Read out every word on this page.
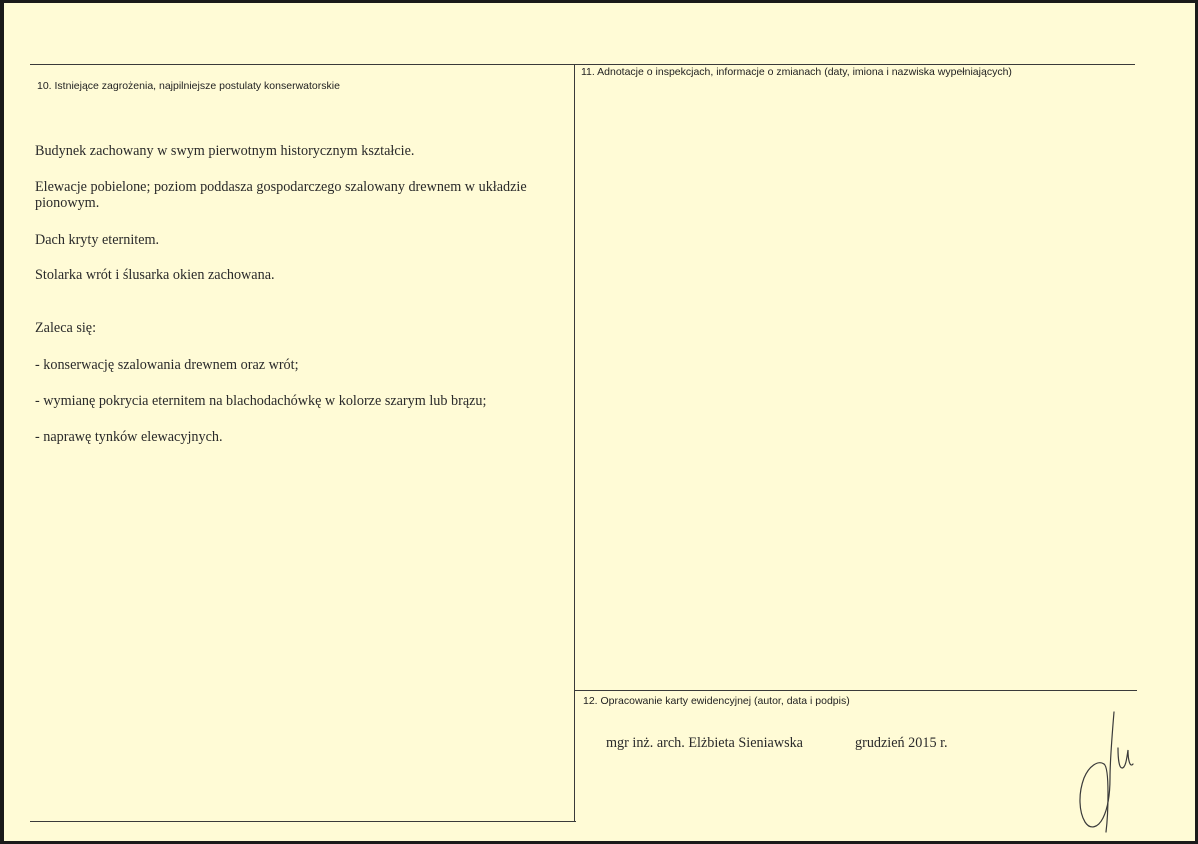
10. Istniejące zagrożenia, najpilniejsze postulaty konserwatorskie

Budynek zachowany w swym pierwotnym historycznym kształcie.

Elewacje pobielone; poziom poddasza gospodarczego szalowany drewnem w układzie pionowym.

Dach kryty eternitem.

Stolarka wrót i ślusarka okien zachowana.

Zaleca się:

- konserwację szalowania drewnem oraz wrót;

- wymianę pokrycia eternitem na blachodachówkę w kolorze szarym lub brązu;

- naprawę tynków elewacyjnych.

11. Adnotacje o inspekcjach, informacje o zmianach (daty, imiona i nazwiska wypełniających)
12. Opracowanie karty ewidencyjnej (autor, data i podpis)
mgr inż. arch. Elżbieta Sieniawska	grudzień 2015 r.
